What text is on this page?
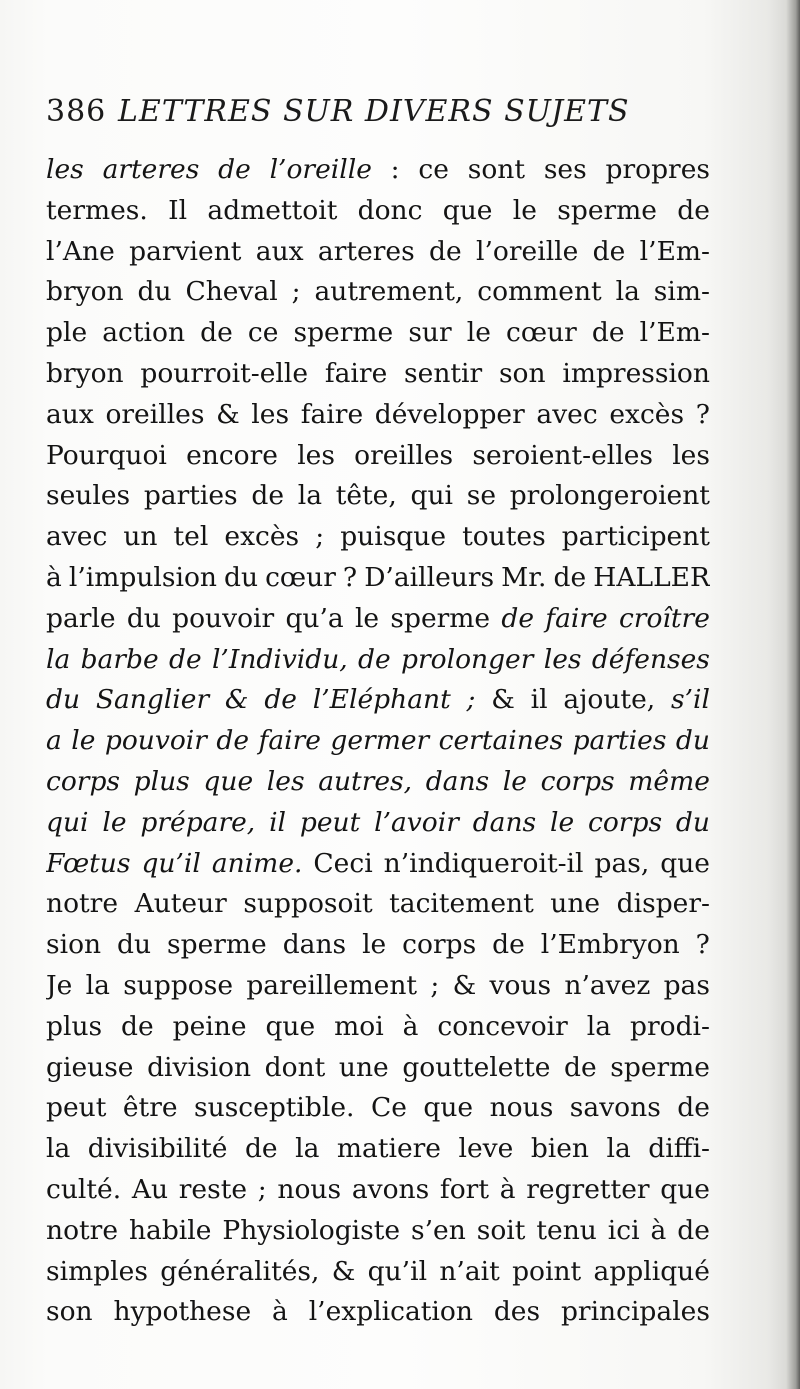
386 LETTRES SUR DIVERS SUJETS
les arteres de l’oreille : ce sont ses propres
termes. Il admettoit donc que le sperme de
l’Ane parvient aux arteres de l’oreille de l’Em-
bryon du Cheval ; autrement, comment la sim-
ple action de ce sperme sur le cœur de l’Em-
bryon pourroit-elle faire sentir son impression
aux oreilles & les faire développer avec excès ?
Pourquoi encore les oreilles seroient-elles les
seules parties de la tête, qui se prolongeroient
avec un tel excès ; puisque toutes participent
à l’impulsion du cœur ? D’ailleurs Mr. de HALLER
parle du pouvoir qu’a le sperme de faire croître
la barbe de l’Individu, de prolonger les défenses
du Sanglier & de l’Eléphant ; & il ajoute, s’il
a le pouvoir de faire germer certaines parties du
corps plus que les autres, dans le corps même
qui le prépare, il peut l’avoir dans le corps du
Fœtus qu’il anime. Ceci n’indiqueroit-il pas, que
notre Auteur supposoit tacitement une disper-
sion du sperme dans le corps de l’Embryon ?
Je la suppose pareillement ; & vous n’avez pas
plus de peine que moi à concevoir la prodi-
gieuse division dont une gouttelette de sperme
peut être susceptible. Ce que nous savons de
la divisibilité de la matiere leve bien la diffi-
culté. Au reste ; nous avons fort à regretter que
notre habile Physiologiste s’en soit tenu ici à de
simples généralités, & qu’il n’ait point appliqué
son hypothese à l’explication des principales
